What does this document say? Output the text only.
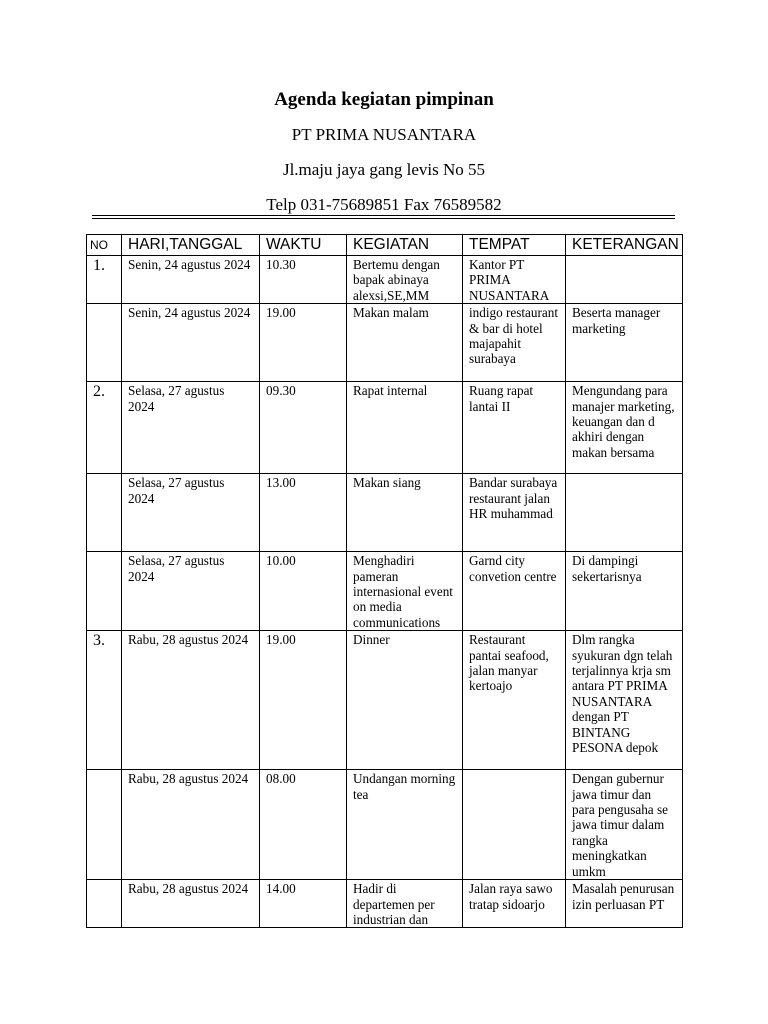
Agenda kegiatan pimpinan
PT PRIMA NUSANTARA
Jl.maju jaya gang levis No 55
Telp 031-75689851 Fax 76589582
NO	HARI,TANGGAL	WAKTU	KEGIATAN	TEMPAT	KETERANGAN
1.	Senin, 24 agustus 2024	10.30	Bertemu dengan bapak abinaya alexsi,SE,MM	Kantor PT PRIMA NUSANTARA	
	Senin, 24 agustus 2024	19.00	Makan malam	indigo restaurant & bar di hotel majapahit surabaya	Beserta manager marketing
2.	Selasa, 27 agustus 2024	09.30	Rapat internal	Ruang rapat lantai II	Mengundang para manajer marketing, keuangan dan d akhiri dengan makan bersama
	Selasa, 27 agustus 2024	13.00	Makan siang	Bandar surabaya restaurant jalan HR muhammad	
	Selasa, 27 agustus 2024	10.00	Menghadiri pameran internasional event on media communications	Garnd city convetion centre	Di dampingi sekertarisnya
3.	Rabu, 28 agustus 2024	19.00	Dinner	Restaurant pantai seafood, jalan manyar kertoajo	Dlm rangka syukuran dgn telah terjalinnya krja sm antara PT PRIMA NUSANTARA dengan PT BINTANG PESONA depok
	Rabu, 28 agustus 2024	08.00	Undangan morning tea		Dengan gubernur jawa timur dan para pengusaha se jawa timur dalam rangka meningkatkan umkm
	Rabu, 28 agustus 2024	14.00	Hadir di departemen per industrian dan	Jalan raya sawo tratap sidoarjo	Masalah penurusan izin perluasan PT
